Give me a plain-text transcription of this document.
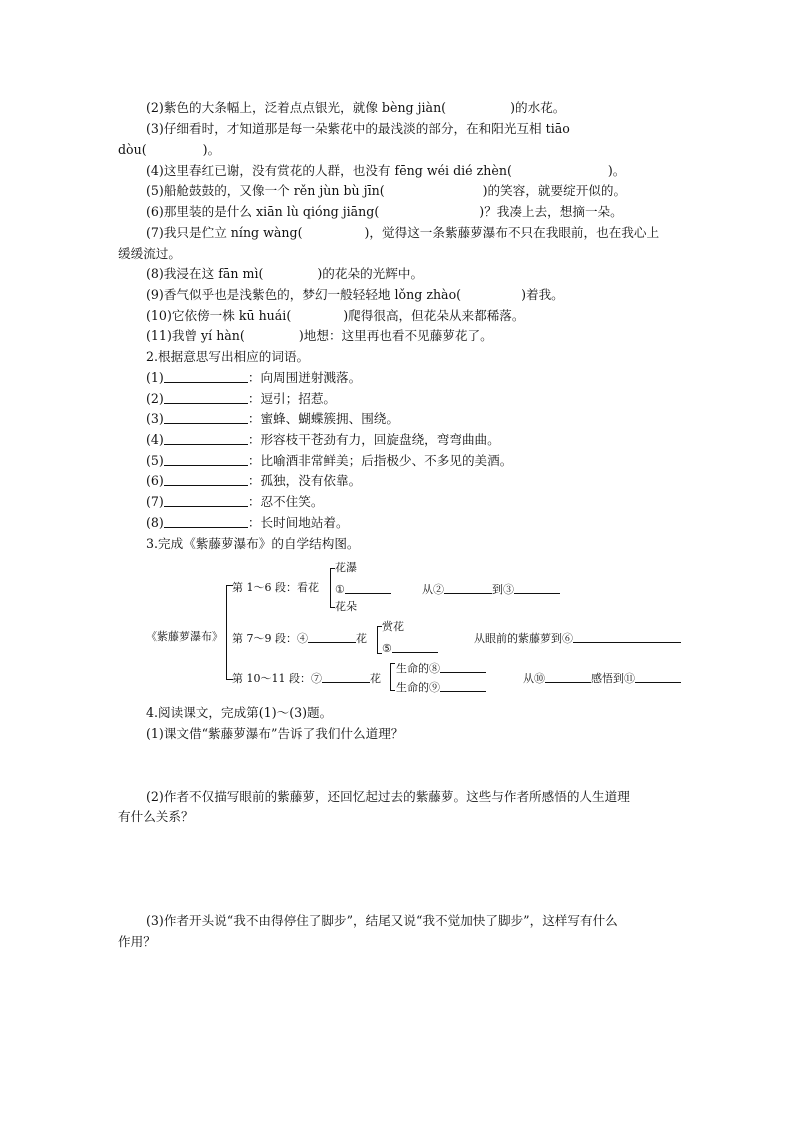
(2)紫色的大条幅上，泛着点点银光，就像 bèng jiàn(	)的水花。
(3)仔细看时，才知道那是每一朵紫花中的最浅淡的部分，在和阳光互相 tiāo
dòu(	)。
(4)这里春红已谢，没有赏花的人群，也没有 fēng wéi dié zhèn(	)。
(5)船舱鼓鼓的，又像一个 rěn jùn bù jīn(	)的笑容，就要绽开似的。
(6)那里装的是什么 xiān lù qióng jiāng(	)？我凑上去，想摘一朵。
(7)我只是伫立 níng wàng(	)，觉得这一条紫藤萝瀑布不只在我眼前，也在我心上
缓缓流过。
(8)我浸在这 fān mì(	)的花朵的光辉中。
(9)香气似乎也是浅紫色的，梦幻一般轻轻地 lǒng zhào(	)着我。
(10)它依傍一株 kū huái(	)爬得很高，但花朵从来都稀落。
(11)我曾 yí hàn(	)地想：这里再也看不见藤萝花了。
2.根据意思写出相应的词语。
(1)	：向周围迸射溅落。
(2)	：逗引；招惹。
(3)	：蜜蜂、蝴蝶簇拥、围绕。
(4)	：形容枝干苍劲有力，回旋盘绕，弯弯曲曲。
(5)	：比喻酒非常鲜美；后指极少、不多见的美酒。
(6)	：孤独，没有依靠。
(7)	：忍不住笑。
(8)	：长时间地站着。
3.完成《紫藤萝瀑布》的自学结构图。
《紫藤萝瀑布》
第 1～6 段：看花
花瀑
①
花朵
从②	到③
第 7～9 段：④	花
赏花
⑤
从眼前的紫藤萝到⑥
第 10～11 段：⑦	花
生命的⑧
生命的⑨
从⑩	感悟到⑪
4.阅读课文，完成第(1)～(3)题。
(1)课文借“紫藤萝瀑布”告诉了我们什么道理？
(2)作者不仅描写眼前的紫藤萝，还回忆起过去的紫藤萝。这些与作者所感悟的人生道理
有什么关系？
(3)作者开头说“我不由得停住了脚步”，结尾又说“我不觉加快了脚步”，这样写有什么
作用？
